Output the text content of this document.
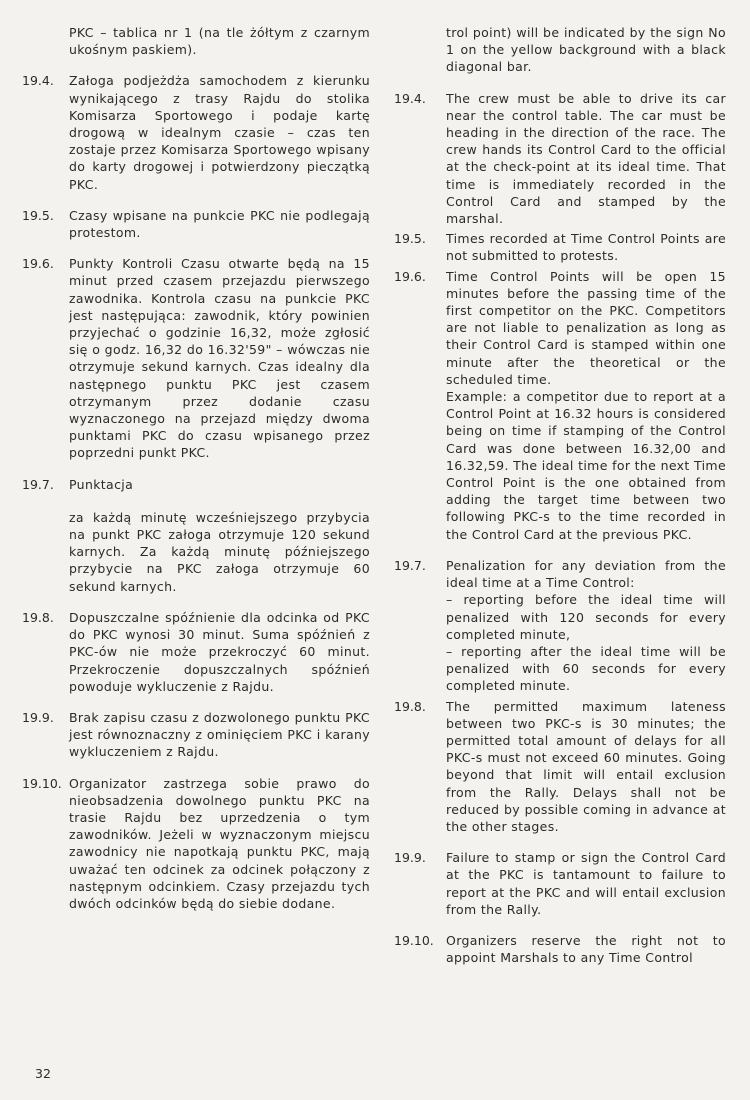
PKC – tablica nr 1 (na tle żółtym z czarnym ukośnym paskiem).

19.4.	Załoga podjeżdża samochodem z kierunku wynikającego z trasy Rajdu do stolika Komisarza Sportowego i podaje kartę drogową w idealnym czasie – czas ten zostaje przez Komisarza Sportowego wpisany do karty drogowej i potwierdzony pieczątką PKC.

19.5.	Czasy wpisane na punkcie PKC nie podlegają protestom.

19.6.	Punkty Kontroli Czasu otwarte będą na 15 minut przed czasem przejazdu pierwszego zawodnika. Kontrola czasu na punkcie PKC jest następująca: zawodnik, który powinien przyjechać o godzinie 16,32, może zgłosić się o godz. 16,32 do 16.32'59" – wówczas nie otrzymuje sekund karnych. Czas idealny dla następnego punktu PKC jest czasem otrzymanym przez dodanie czasu wyznaczonego na przejazd między dwoma punktami PKC do czasu wpisanego przez poprzedni punkt PKC.

19.7.	Punktacja

za każdą minutę wcześniejszego przybycia na punkt PKC załoga otrzymuje 120 sekund karnych. Za każdą minutę późniejszego przybycie na PKC załoga otrzymuje 60 sekund karnych.

19.8.	Dopuszczalne spóźnienie dla odcinka od PKC do PKC wynosi 30 minut. Suma spóźnień z PKC-ów nie może przekroczyć 60 minut. Przekroczenie dopuszczalnych spóźnień powoduje wykluczenie z Rajdu.

19.9.	Brak zapisu czasu z dozwolonego punktu PKC jest równoznaczny z ominięciem PKC i karany wykluczeniem z Rajdu.

19.10. Organizator zastrzega sobie prawo do nieobsadzenia dowolnego punktu PKC na trasie Rajdu bez uprzedzenia o tym zawodników. Jeżeli w wyznaczonym miejscu zawodnicy nie napotkają punktu PKC, mają uważać ten odcinek za odcinek połączony z następnym odcinkiem. Czasy przejazdu tych dwóch odcinków będą do siebie dodane.

trol point) will be indicated by the sign No 1 on the yellow background with a black diagonal bar.

19.4.	The crew must be able to drive its car near the control table. The car must be heading in the direction of the race. The crew hands its Control Card to the official at the check-point at its ideal time. That time is immediately recorded in the Control Card and stamped by the marshal.

19.5.	Times recorded at Time Control Points are not submitted to protests.

19.6.	Time Control Points will be open 15 minutes before the passing time of the first competitor on the PKC. Competitors are not liable to penalization as long as their Control Card is stamped within one minute after the theoretical or the scheduled time.

Example: a competitor due to report at a Control Point at 16.32 hours is considered being on time if stamping of the Control Card was done between 16.32,00 and 16.32,59. The ideal time for the next Time Control Point is the one obtained from adding the target time between two following PKC-s to the time recorded in the Control Card at the previous PKC.

19.7.	Penalization for any deviation from the ideal time at a Time Control:

– reporting before the ideal time will penalized with 120 seconds for every completed minute,

– reporting after the ideal time will be penalized with 60 seconds for every completed minute.

19.8.	The permitted maximum lateness between two PKC-s is 30 minutes; the permitted total amount of delays for all PKC-s must not exceed 60 minutes. Going beyond that limit will entail exclusion from the Rally. Delays shall not be reduced by possible coming in advance at the other stages.

19.9.	Failure to stamp or sign the Control Card at the PKC is tantamount to failure to report at the PKC and will entail exclusion from the Rally.

19.10. Organizers reserve the right not to appoint Marshals to any Time Control

32
